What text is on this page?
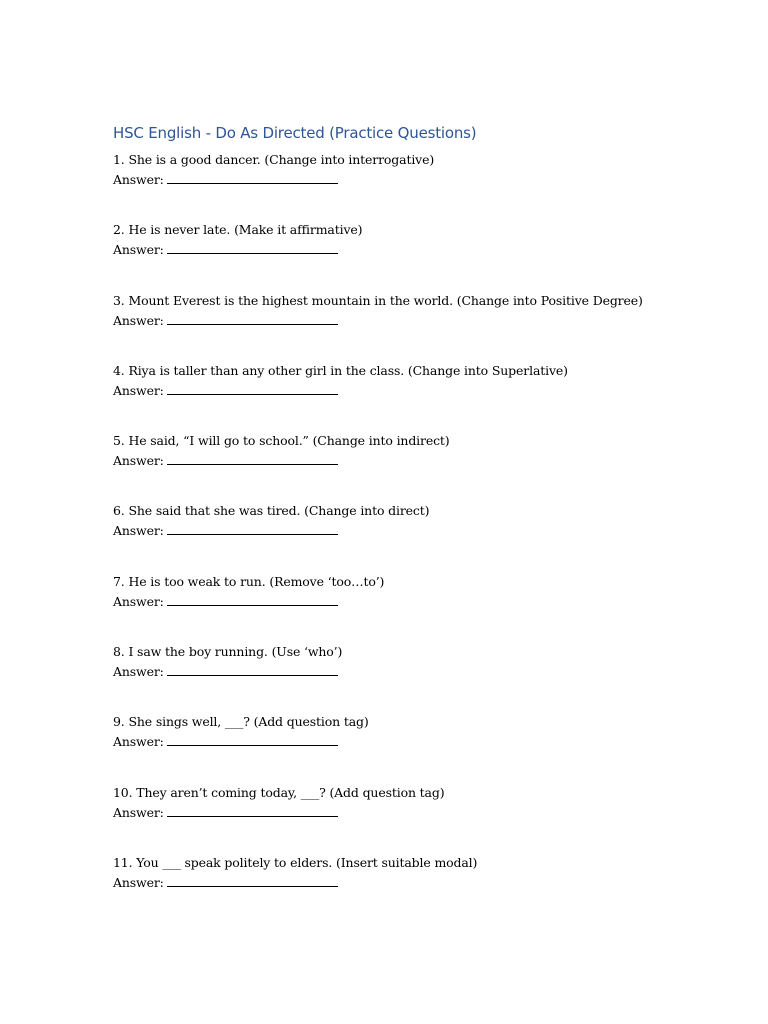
HSC English - Do As Directed (Practice Questions)
1. She is a good dancer. (Change into interrogative)
Answer:
2. He is never late. (Make it affirmative)
Answer:
3. Mount Everest is the highest mountain in the world. (Change into Positive Degree)
Answer:
4. Riya is taller than any other girl in the class. (Change into Superlative)
Answer:
5. He said, “I will go to school.” (Change into indirect)
Answer:
6. She said that she was tired. (Change into direct)
Answer:
7. He is too weak to run. (Remove ‘too…to’)
Answer:
8. I saw the boy running. (Use ‘who’)
Answer:
9. She sings well, ___? (Add question tag)
Answer:
10. They aren’t coming today, ___? (Add question tag)
Answer:
11. You ___ speak politely to elders. (Insert suitable modal)
Answer:
